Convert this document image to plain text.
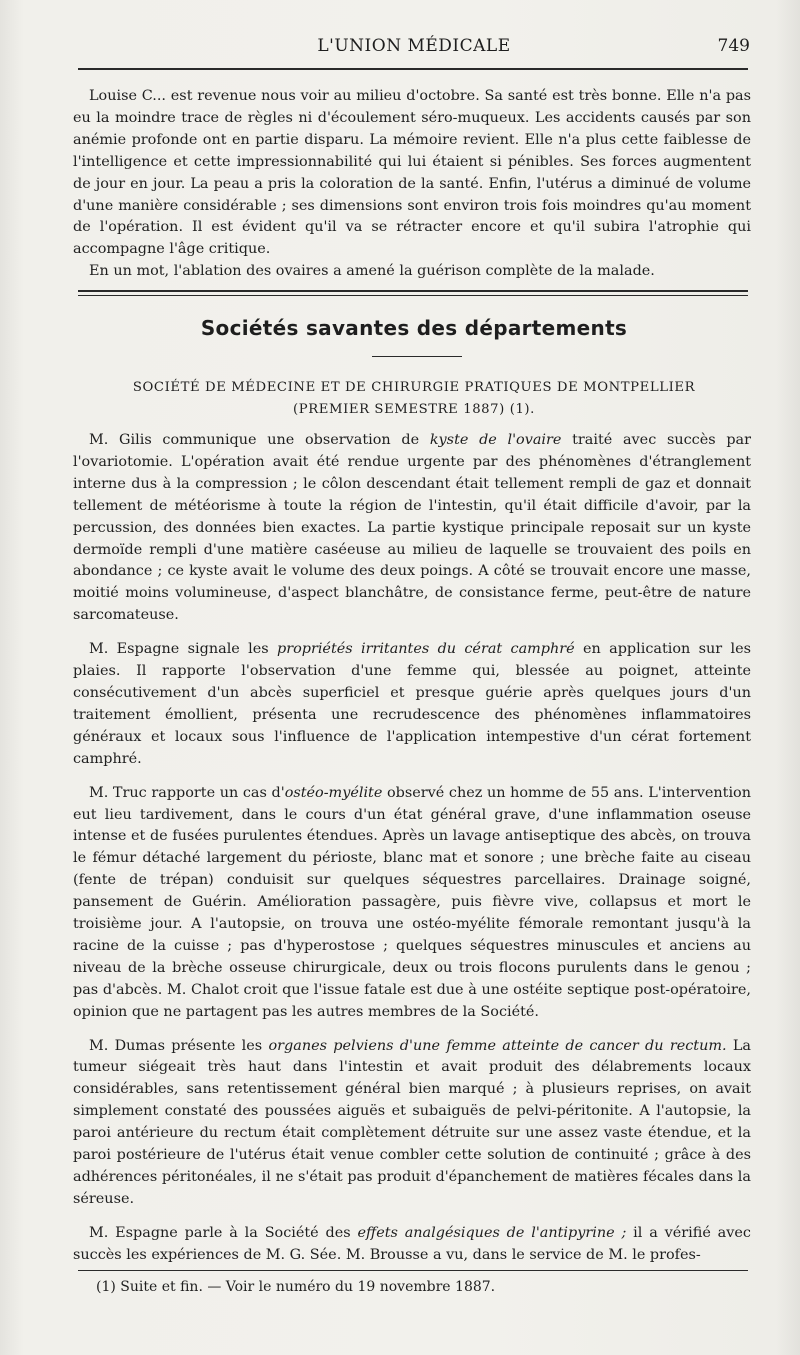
L'UNION MÉDICALE	749

Louise C... est revenue nous voir au milieu d'octobre. Sa santé est très bonne. Elle n'a pas eu la moindre trace de règles ni d'écoulement séro-muqueux. Les accidents causés par son anémie profonde ont en partie disparu. La mémoire revient. Elle n'a plus cette faiblesse de l'intelligence et cette impressionnabilité qui lui étaient si pénibles. Ses forces augmentent de jour en jour. La peau a pris la coloration de la santé. Enfin, l'utérus a diminué de volume d'une manière considérable ; ses dimensions sont environ trois fois moindres qu'au moment de l'opération. Il est évident qu'il va se rétracter encore et qu'il subira l'atrophie qui accompagne l'âge critique.

En un mot, l'ablation des ovaires a amené la guérison complète de la malade.

Sociétés savantes des départements
SOCIÉTÉ DE MÉDECINE ET DE CHIRURGIE PRATIQUES DE MONTPELLIER
(PREMIER SEMESTRE 1887) (1).

M. Gilis communique une observation de kyste de l'ovaire traité avec succès par l'ovariotomie. L'opération avait été rendue urgente par des phénomènes d'étranglement interne dus à la compression ; le côlon descendant était tellement rempli de gaz et donnait tellement de météorisme à toute la région de l'intestin, qu'il était difficile d'avoir, par la percussion, des données bien exactes. La partie kystique principale reposait sur un kyste dermoïde rempli d'une matière caséeuse au milieu de laquelle se trouvaient des poils en abondance ; ce kyste avait le volume des deux poings. A côté se trouvait encore une masse, moitié moins volumineuse, d'aspect blanchâtre, de consistance ferme, peut-être de nature sarcomateuse.

M. Espagne signale les propriétés irritantes du cérat camphré en application sur les plaies. Il rapporte l'observation d'une femme qui, blessée au poignet, atteinte consécutivement d'un abcès superficiel et presque guérie après quelques jours d'un traitement émollient, présenta une recrudescence des phénomènes inflammatoires généraux et locaux sous l'influence de l'application intempestive d'un cérat fortement camphré.

M. Truc rapporte un cas d'ostéo-myélite observé chez un homme de 55 ans. L'intervention eut lieu tardivement, dans le cours d'un état général grave, d'une inflammation oseuse intense et de fusées purulentes étendues. Après un lavage antiseptique des abcès, on trouva le fémur détaché largement du périoste, blanc mat et sonore ; une brèche faite au ciseau (fente de trépan) conduisit sur quelques séquestres parcellaires. Drainage soigné, pansement de Guérin. Amélioration passagère, puis fièvre vive, collapsus et mort le troisième jour. A l'autopsie, on trouva une ostéo-myélite fémorale remontant jusqu'à la racine de la cuisse ; pas d'hyperostose ; quelques séquestres minuscules et anciens au niveau de la brèche osseuse chirurgicale, deux ou trois flocons purulents dans le genou ; pas d'abcès. M. Chalot croit que l'issue fatale est due à une ostéite septique post-opératoire, opinion que ne partagent pas les autres membres de la Société.

M. Dumas présente les organes pelviens d'une femme atteinte de cancer du rectum. La tumeur siégeait très haut dans l'intestin et avait produit des délabrements locaux considérables, sans retentissement général bien marqué ; à plusieurs reprises, on avait simplement constaté des poussées aiguës et subaiguës de pelvi-péritonite. A l'autopsie, la paroi antérieure du rectum était complètement détruite sur une assez vaste étendue, et la paroi postérieure de l'utérus était venue combler cette solution de continuité ; grâce à des adhérences péritonéales, il ne s'était pas produit d'épanchement de matières fécales dans la séreuse.

M. Espagne parle à la Société des effets analgésiques de l'antipyrine ; il a vérifié avec succès les expériences de M. G. Sée. M. Brousse a vu, dans le service de M. le profes-

(1) Suite et fin. — Voir le numéro du 19 novembre 1887.
